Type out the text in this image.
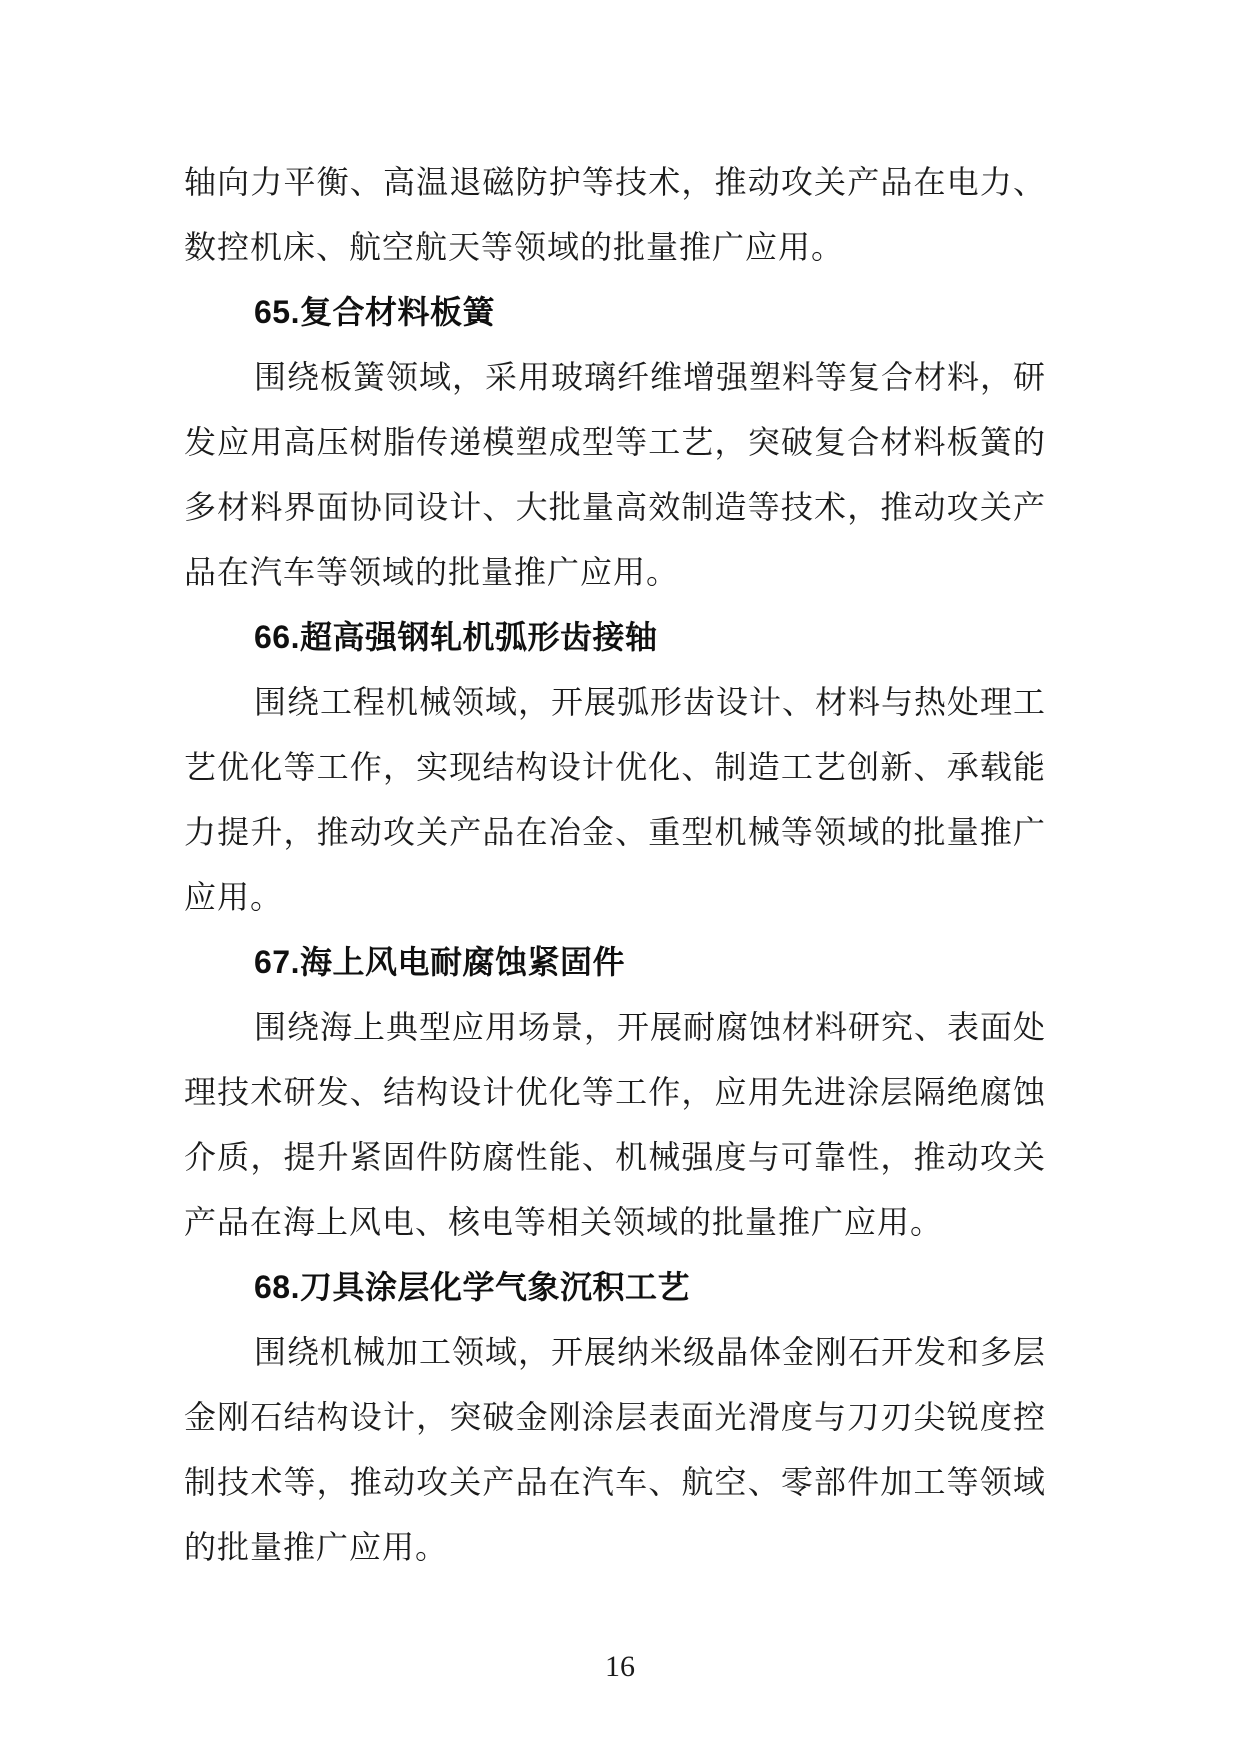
轴向力平衡、高温退磁防护等技术，推动攻关产品在电力、数控机床、航空航天等领域的批量推广应用。

65.复合材料板簧

围绕板簧领域，采用玻璃纤维增强塑料等复合材料，研发应用高压树脂传递模塑成型等工艺，突破复合材料板簧的多材料界面协同设计、大批量高效制造等技术，推动攻关产品在汽车等领域的批量推广应用。

66.超高强钢轧机弧形齿接轴

围绕工程机械领域，开展弧形齿设计、材料与热处理工艺优化等工作，实现结构设计优化、制造工艺创新、承载能力提升，推动攻关产品在冶金、重型机械等领域的批量推广应用。

67.海上风电耐腐蚀紧固件

围绕海上典型应用场景，开展耐腐蚀材料研究、表面处理技术研发、结构设计优化等工作，应用先进涂层隔绝腐蚀介质，提升紧固件防腐性能、机械强度与可靠性，推动攻关产品在海上风电、核电等相关领域的批量推广应用。

68.刀具涂层化学气象沉积工艺

围绕机械加工领域，开展纳米级晶体金刚石开发和多层金刚石结构设计，突破金刚涂层表面光滑度与刀刃尖锐度控制技术等，推动攻关产品在汽车、航空、零部件加工等领域的批量推广应用。

16
